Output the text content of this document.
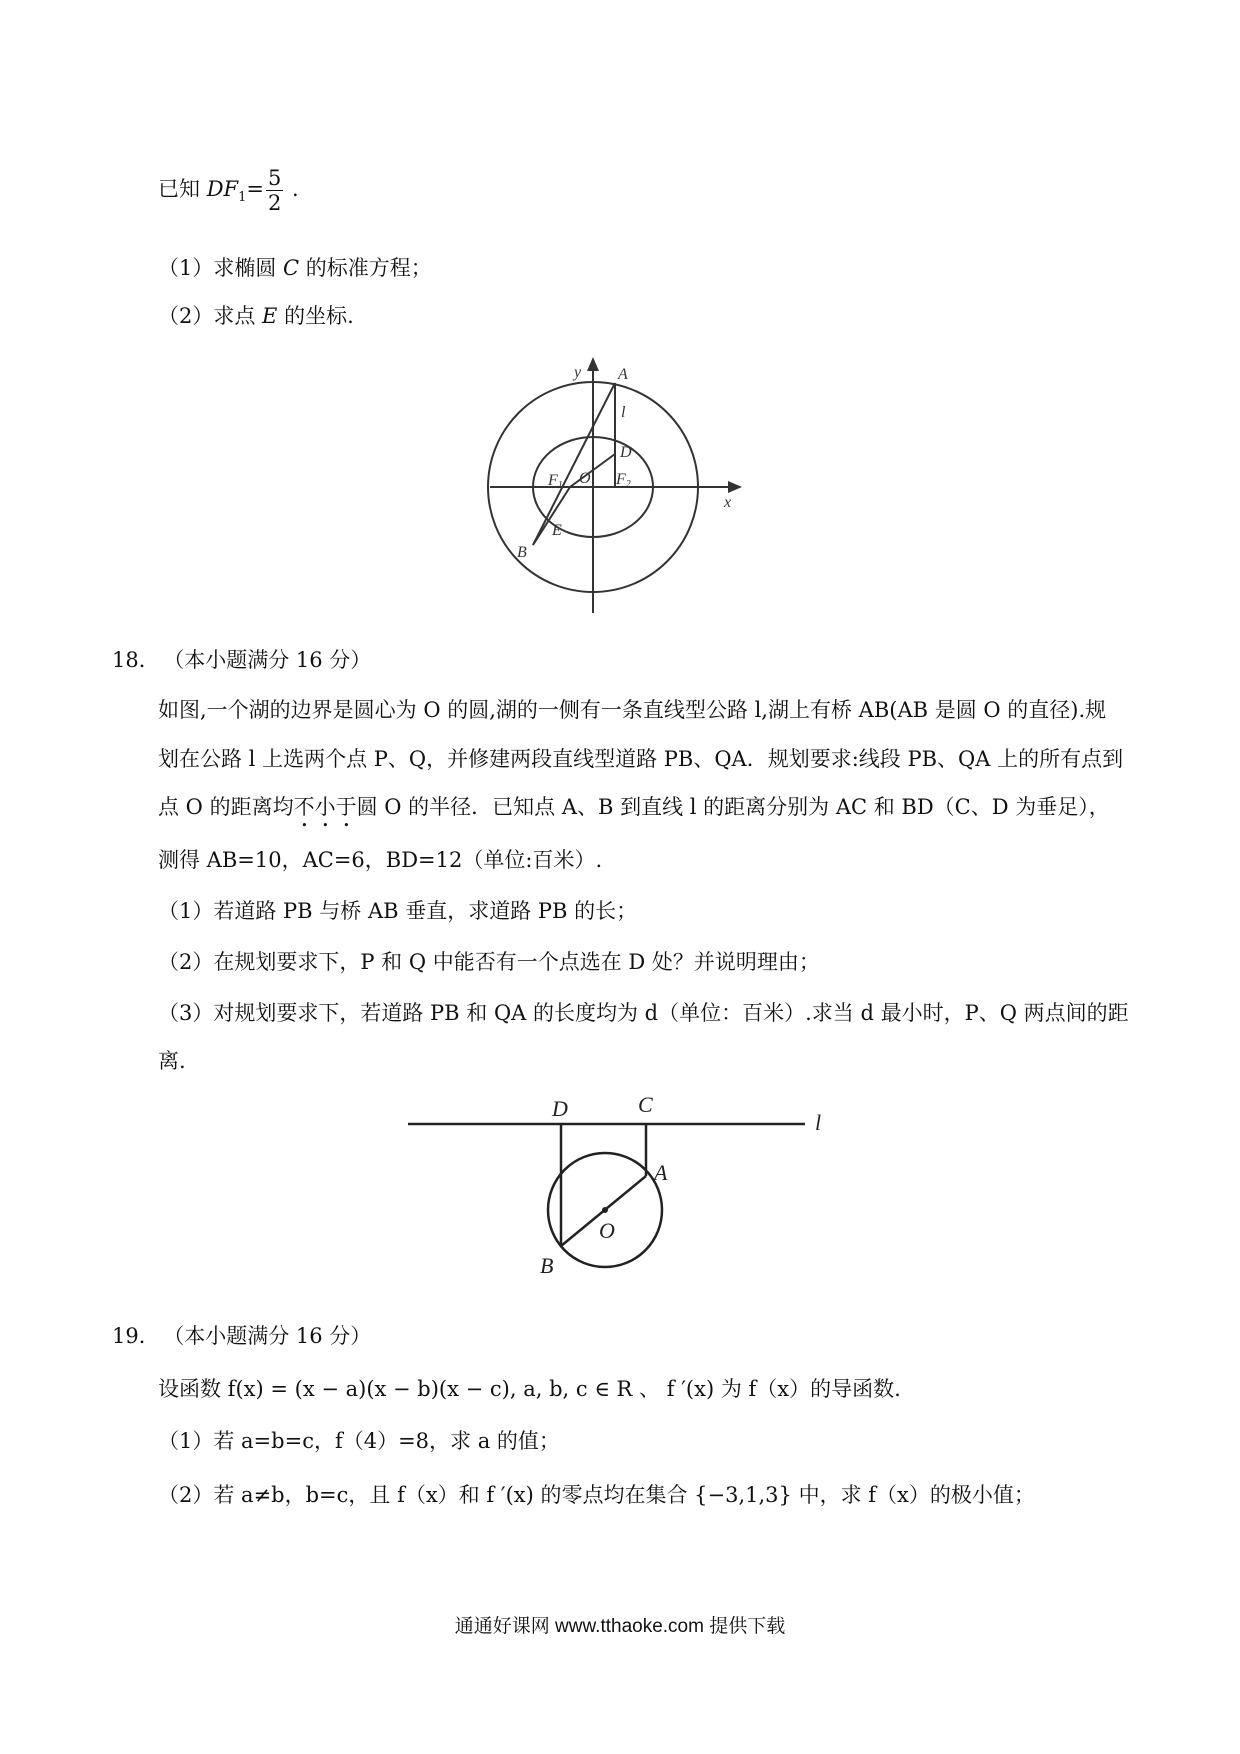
已知 $DF_1= \frac{5}{2}$ .
（1）求椭圆 C 的标准方程；
（2）求点 E 的坐标.
y A
l
D
F1 O F2
x
E
B
18． （本小题满分 16 分）
如图,一个湖的边界是圆心为 O 的圆,湖的一侧有一条直线型公路 l,湖上有桥 AB(AB 是圆 O 的直径).规
划在公路 l 上选两个点 P、Q，并修建两段直线型道路 PB、QA．规划要求:线段 PB、QA 上的所有点到
点 O 的距离均不小于圆 O 的半径．已知点 A、B 到直线 l 的距离分别为 AC 和 BD（C、D 为垂足），
测得 AB=10，AC=6，BD=12（单位:百米）.
（1）若道路 PB 与桥 AB 垂直，求道路 PB 的长；
（2）在规划要求下，P 和 Q 中能否有一个点选在 D 处？并说明理由；
（3）对规划要求下，若道路 PB 和 QA 的长度均为 d（单位：百米）.求当 d 最小时，P、Q 两点间的距
离.
D	C
l
A
O
B
19． （本小题满分 16 分）
设函数 f(x) = (x − a)(x − b)(x − c), a, b, c ∈ R 、 f ′(x) 为 f（x）的导函数.
（1）若 a=b=c，f（4）=8，求 a 的值；
（2）若 a≠b，b=c，且 f（x）和 f ′(x) 的零点均在集合 {−3,1,3} 中，求 f（x）的极小值；
通通好课网 www.tthaoke.com 提供下载
